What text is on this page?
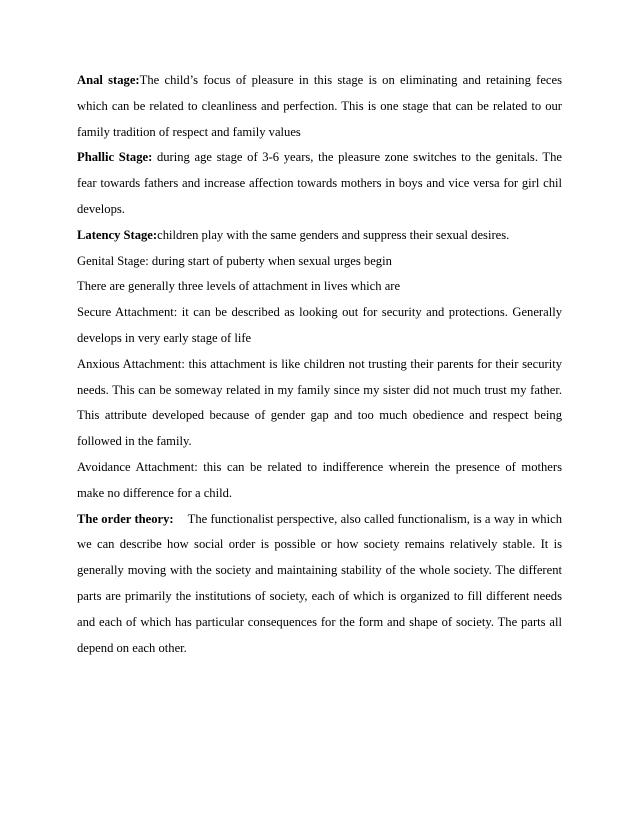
Anal stage:The child’s focus of pleasure in this stage is on eliminating and retaining feces which can be related to cleanliness and perfection. This is one stage that can be related to our family tradition of respect and family values

Phallic Stage: during age stage of 3-6 years, the pleasure zone switches to the genitals. The fear towards fathers and increase affection towards mothers in boys and vice versa for girl chil develops.

Latency Stage:children play with the same genders and suppress their sexual desires.

Genital Stage: during start of puberty when sexual urges begin

There are generally three levels of attachment in lives which are

Secure Attachment: it can be described as looking out for security and protections. Generally develops in very early stage of life

Anxious Attachment: this attachment is like children not trusting their parents for their security needs. This can be someway related in my family since my sister did not much trust my father. This attribute developed because of gender gap and too much obedience and respect being followed in the family.

Avoidance Attachment: this can be related to indifference wherein the presence of mothers make no difference for a child.

The order theory: The functionalist perspective, also called functionalism, is a way in which we can describe how social order is possible or how society remains relatively stable. It is generally moving with the society and maintaining stability of the whole society. The different parts are primarily the institutions of society, each of which is organized to fill different needs and each of which has particular consequences for the form and shape of society. The parts all depend on each other.
